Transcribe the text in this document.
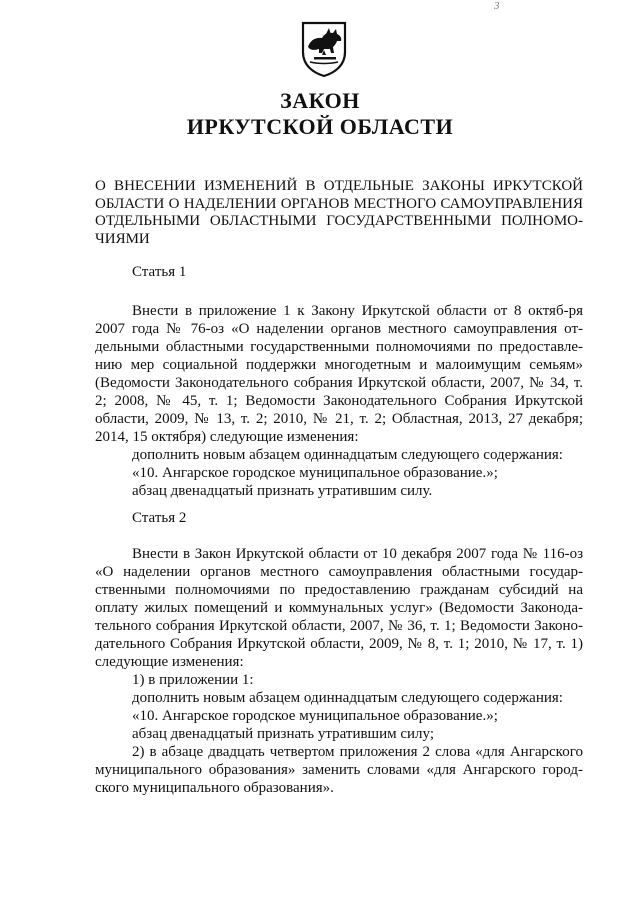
3
ЗАКОН
ИРКУТСКОЙ ОБЛАСТИ
О ВНЕСЕНИИ ИЗМЕНЕНИЙ В ОТДЕЛЬНЫЕ ЗАКОНЫ ИРКУТСКОЙ ОБЛАСТИ О НАДЕЛЕНИИ ОРГАНОВ МЕСТНОГО САМОУПРАВЛЕНИЯ ОТДЕЛЬНЫМИ ОБЛАСТНЫМИ ГОСУДАРСТВЕННЫМИ ПОЛНОМО-ЧИЯМИ
Статья 1

Внести в приложение 1 к Закону Иркутской области от 8 октяб-ря 2007 года № 76-оз «О наделении органов местного самоуправления от-дельными областными государственными полномочиями по предоставле-нию мер социальной поддержки многодетным и малоимущим семьям» (Ведомости Законодательного собрания Иркутской области, 2007, № 34, т. 2; 2008, № 45, т. 1; Ведомости Законодательного Собрания Иркутской области, 2009, № 13, т. 2; 2010, № 21, т. 2; Областная, 2013, 27 декабря; 2014, 15 октября) следующие изменения:

дополнить новым абзацем одиннадцатым следующего содержания:
«10. Ангарское городское муниципальное образование.»;
абзац двенадцатый признать утратившим силу.
Статья 2

Внести в Закон Иркутской области от 10 декабря 2007 года № 116-оз «О наделении органов местного самоуправления областными государ-ственными полномочиями по предоставлению гражданам субсидий на оплату жилых помещений и коммунальных услуг» (Ведомости Законода-тельного собрания Иркутской области, 2007, № 36, т. 1; Ведомости Законо-дательного Собрания Иркутской области, 2009, № 8, т. 1; 2010, № 17, т. 1) следующие изменения:

1) в приложении 1:
дополнить новым абзацем одиннадцатым следующего содержания:
«10. Ангарское городское муниципальное образование.»;
абзац двенадцатый признать утратившим силу;

2) в абзаце двадцать четвертом приложения 2 слова «для Ангарского муниципального образования» заменить словами «для Ангарского город-ского муниципального образования».
